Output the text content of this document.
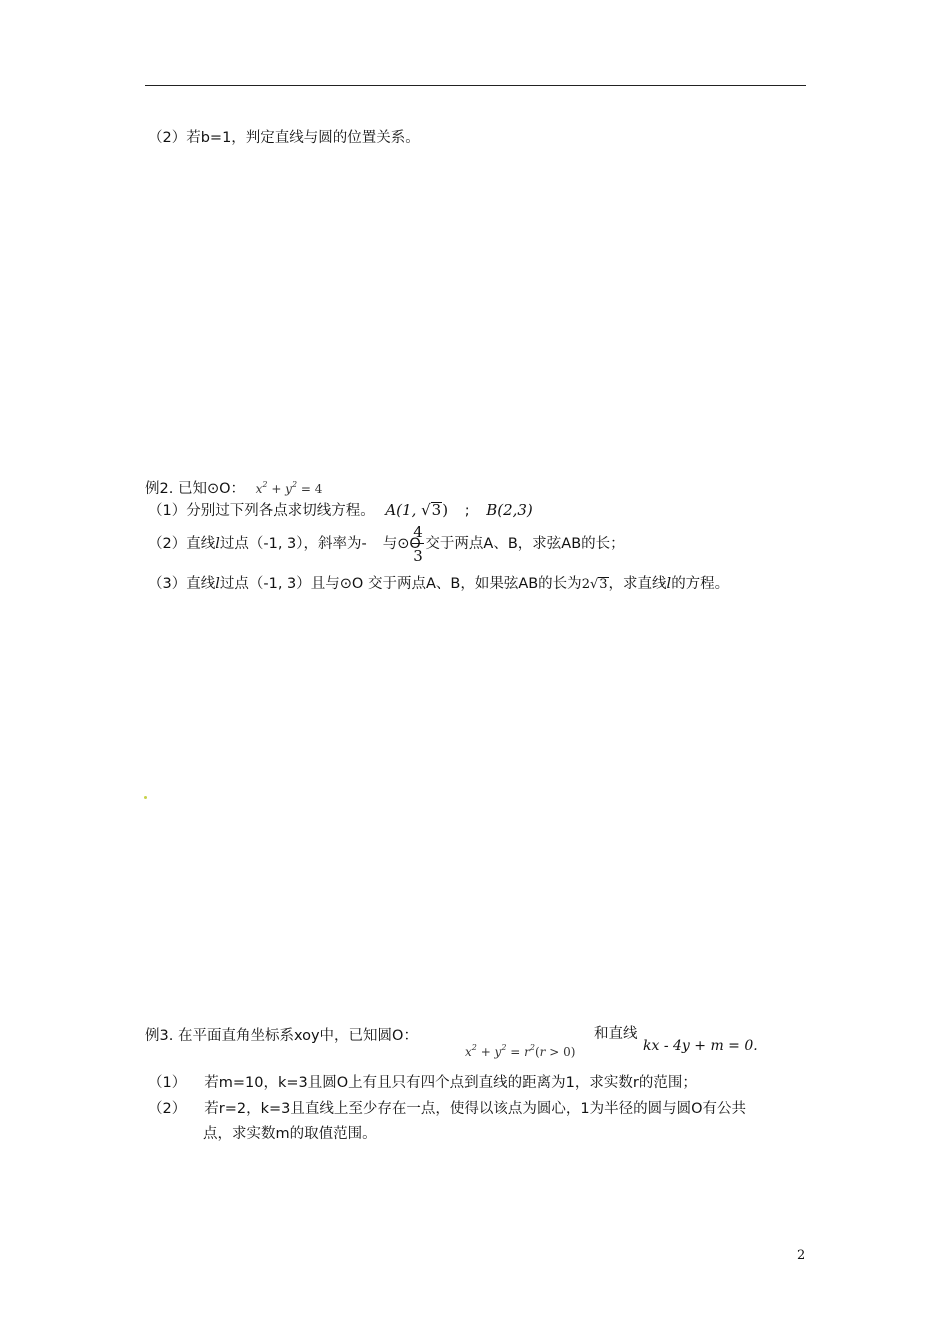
（2）若b=1，判定直线与圆的位置关系。
例2. 已知⊙O： $x^2 + y^2 = 4$
（1）分别过下列各点求切线方程。 A(1, √3) ; B(2,3)
（2）直线l过点（-1, 3），斜率为- 与⊙O 交于两点A、B，求弦AB的长；
4
3
（3）直线l过点（-1, 3）且与⊙O 交于两点A、B，如果弦AB的长为2√3，求直线l的方程。
例3. 在平面直角坐标系xoy中，已知圆O：
$x^2 + y^2 = r^2(r > 0)$
和直线
kx - 4y + m = 0.
（1） 若m=10，k=3且圆O上有且只有四个点到直线的距离为1，求实数r的范围；
（2） 若r=2，k=3且直线上至少存在一点，使得以该点为圆心，1为半径的圆与圆O有公共
点，求实数m的取值范围。
2
